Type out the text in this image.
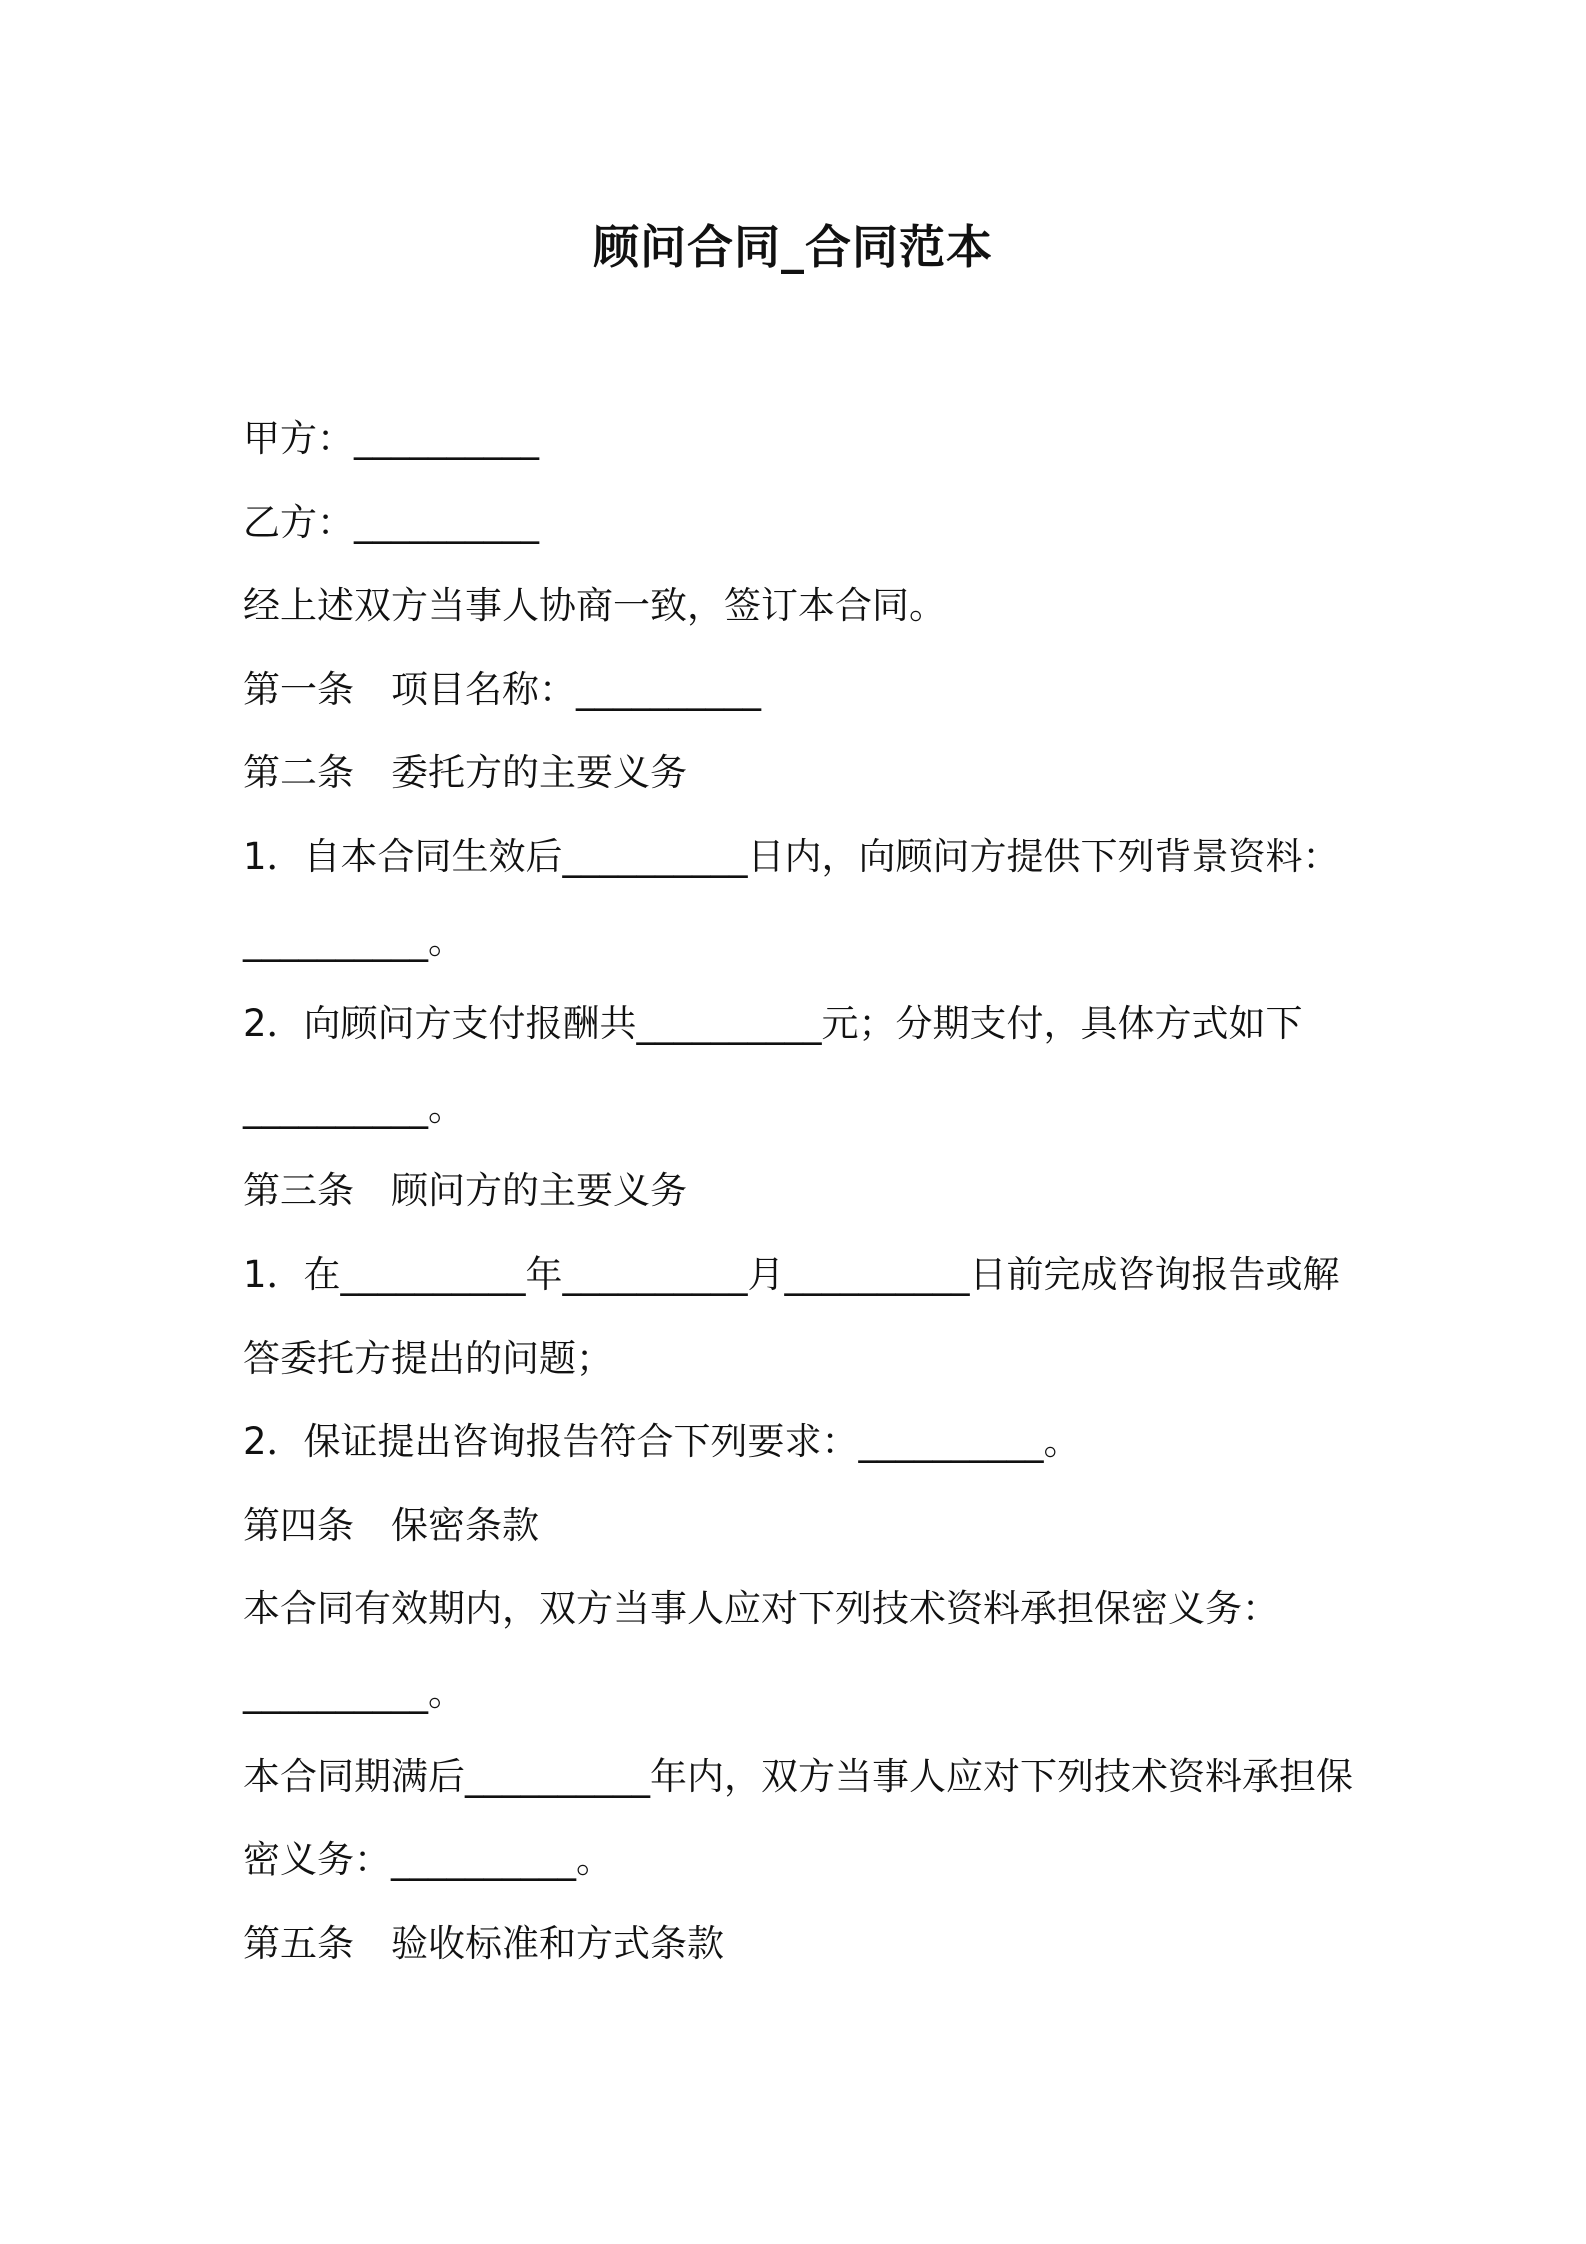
顾问合同_合同范本

甲方：__________

乙方：__________

经上述双方当事人协商一致，签订本合同。

第一条　项目名称：__________

第二条　委托方的主要义务

1．自本合同生效后__________日内，向顾问方提供下列背景资料：

__________。

2．向顾问方支付报酬共__________元；分期支付，具体方式如下

__________。

第三条　顾问方的主要义务

1．在__________年__________月__________日前完成咨询报告或解

答委托方提出的问题；

2．保证提出咨询报告符合下列要求：__________。

第四条　保密条款

本合同有效期内，双方当事人应对下列技术资料承担保密义务：

__________。

本合同期满后__________年内，双方当事人应对下列技术资料承担保

密义务：__________。

第五条　验收标准和方式条款
